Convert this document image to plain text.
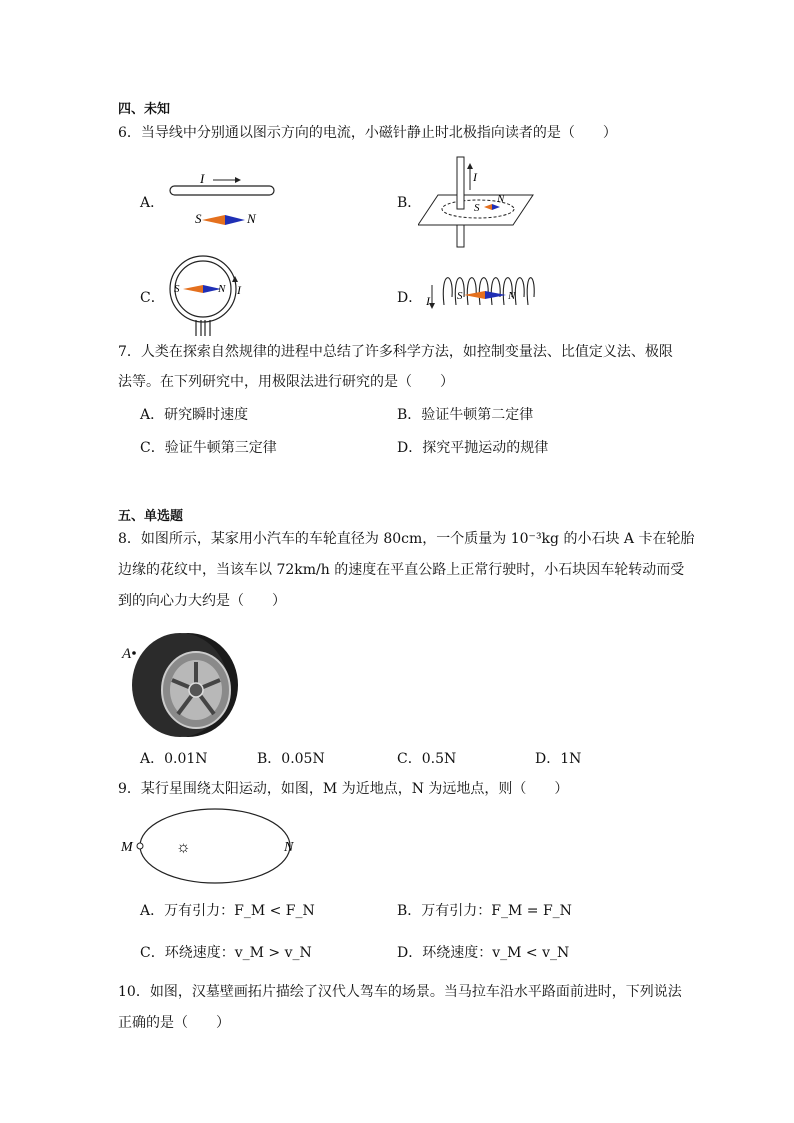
四、未知
6．当导线中分别通以图示方向的电流，小磁针静止时北极指向读者的是（　　）
A．
I
S	N
B．
I
S
N
C．
S	N I	D． I S	N
7．人类在探索自然规律的进程中总结了许多科学方法，如控制变量法、比值定义法、极限
法等。在下列研究中，用极限法进行研究的是（　　）
A．研究瞬时速度	B．验证牛顿第二定律
C．验证牛顿第三定律	D．探究平抛运动的规律
五、单选题
8．如图所示，某家用小汽车的车轮直径为 80cm，一个质量为 10⁻³kg 的小石块 A 卡在轮胎
边缘的花纹中，当该车以 72km/h 的速度在平直公路上正常行驶时，小石块因车轮转动而受
到的向心力大约是（　　）
A
A．0.01N	B．0.05N	C．0.5N	D．1N
9．某行星围绕太阳运动，如图，M 为近地点，N 为远地点，则（　　）
M	N
☼
A．万有引力：F_M < F_N	B．万有引力：F_M = F_N
C．环绕速度：v_M > v_N	D．环绕速度：v_M < v_N
10．如图，汉墓壁画拓片描绘了汉代人驾车的场景。当马拉车沿水平路面前进时，下列说法
正确的是（　　）
